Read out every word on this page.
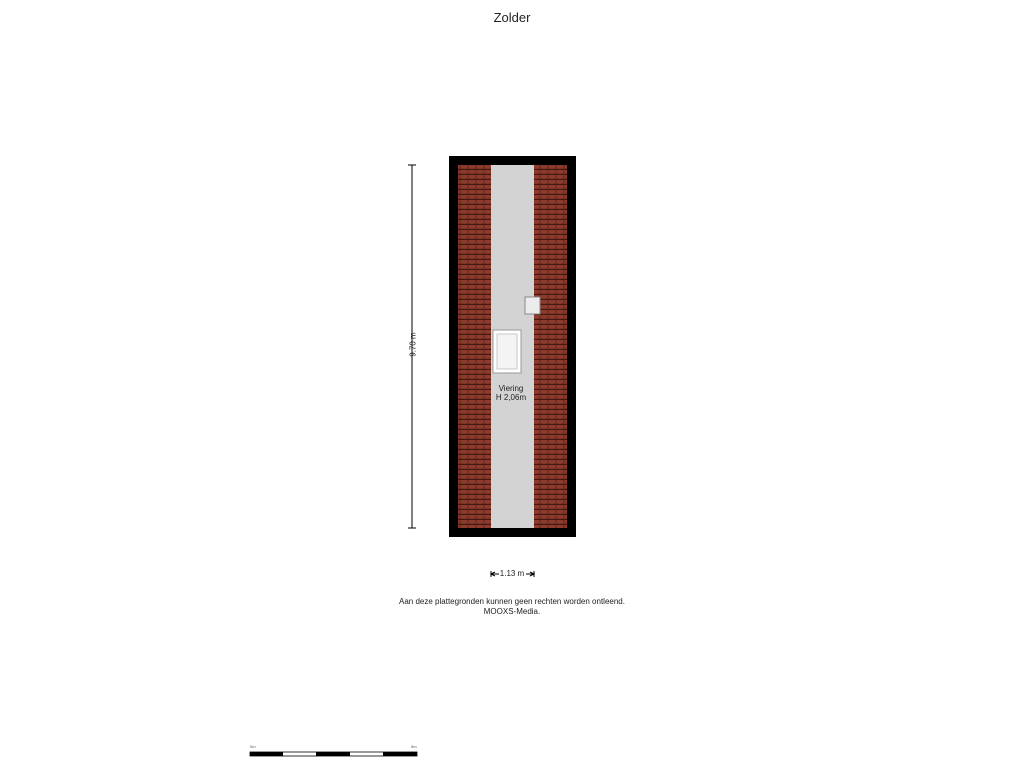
Zolder
9.70 m
1.13 m
Viering
H 2,06m
Aan deze plattegronden kunnen geen rechten worden ontleend.
MOOXS-Media.
0m	5m
